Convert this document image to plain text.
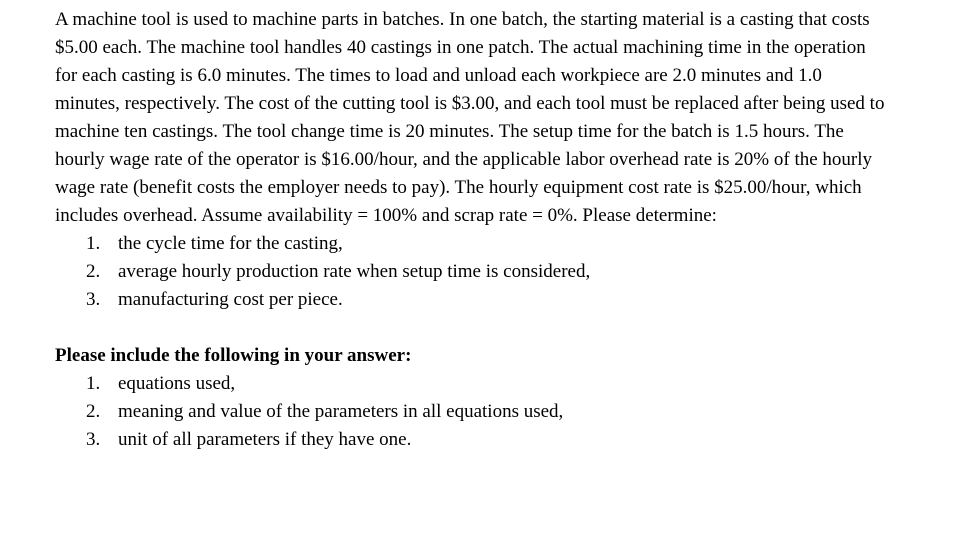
A machine tool is used to machine parts in batches. In one batch, the starting material is a casting that costs $5.00 each. The machine tool handles 40 castings in one patch. The actual machining time in the operation for each casting is 6.0 minutes. The times to load and unload each workpiece are 2.0 minutes and 1.0 minutes, respectively. The cost of the cutting tool is $3.00, and each tool must be replaced after being used to machine ten castings. The tool change time is 20 minutes. The setup time for the batch is 1.5 hours. The hourly wage rate of the operator is $16.00/hour, and the applicable labor overhead rate is 20% of the hourly wage rate (benefit costs the employer needs to pay). The hourly equipment cost rate is $25.00/hour, which includes overhead. Assume availability = 100% and scrap rate = 0%. Please determine:

1. the cycle time for the casting,
2. average hourly production rate when setup time is considered,
3. manufacturing cost per piece.

Please include the following in your answer:

1. equations used,
2. meaning and value of the parameters in all equations used,
3. unit of all parameters if they have one.
